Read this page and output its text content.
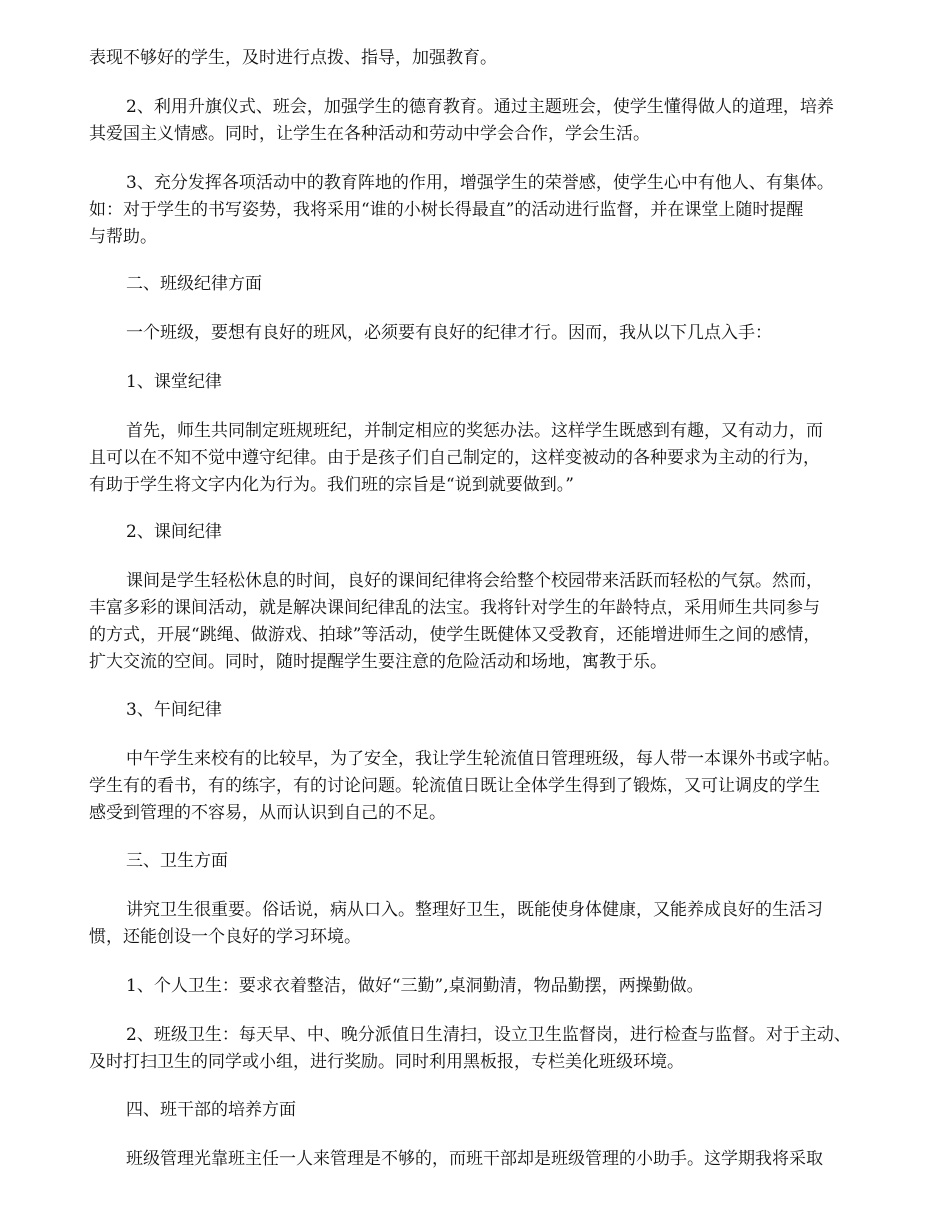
表现不够好的学生，及时进行点拨、指导，加强教育。

2、利用升旗仪式、班会，加强学生的德育教育。通过主题班会，使学生懂得做人的道理，培养
其爱国主义情感。同时，让学生在各种活动和劳动中学会合作，学会生活。

3、充分发挥各项活动中的教育阵地的作用，增强学生的荣誉感，使学生心中有他人、有集体。
如：对于学生的书写姿势，我将采用“谁的小树长得最直”的活动进行监督，并在课堂上随时提醒
与帮助。

二、班级纪律方面

一个班级，要想有良好的班风，必须要有良好的纪律才行。因而，我从以下几点入手：

1、课堂纪律

首先，师生共同制定班规班纪，并制定相应的奖惩办法。这样学生既感到有趣，又有动力，而
且可以在不知不觉中遵守纪律。由于是孩子们自己制定的，这样变被动的各种要求为主动的行为，
有助于学生将文字内化为行为。我们班的宗旨是“说到就要做到。”

2、课间纪律

课间是学生轻松休息的时间，良好的课间纪律将会给整个校园带来活跃而轻松的气氛。然而，
丰富多彩的课间活动，就是解决课间纪律乱的法宝。我将针对学生的年龄特点，采用师生共同参与
的方式，开展“跳绳、做游戏、拍球”等活动，使学生既健体又受教育，还能增进师生之间的感情，
扩大交流的空间。同时，随时提醒学生要注意的危险活动和场地，寓教于乐。

3、午间纪律

中午学生来校有的比较早，为了安全，我让学生轮流值日管理班级，每人带一本课外书或字帖。
学生有的看书，有的练字，有的讨论问题。轮流值日既让全体学生得到了锻炼，又可让调皮的学生
感受到管理的不容易，从而认识到自己的不足。

三、卫生方面

讲究卫生很重要。俗话说，病从口入。整理好卫生，既能使身体健康，又能养成良好的生活习
惯，还能创设一个良好的学习环境。

1、个人卫生：要求衣着整洁，做好“三勤”,桌洞勤清，物品勤摆，两操勤做。

2、班级卫生：每天早、中、晚分派值日生清扫，设立卫生监督岗，进行检查与监督。对于主动、
及时打扫卫生的同学或小组，进行奖励。同时利用黑板报，专栏美化班级环境。

四、班干部的培养方面

班级管理光靠班主任一人来管理是不够的，而班干部却是班级管理的小助手。这学期我将采取
